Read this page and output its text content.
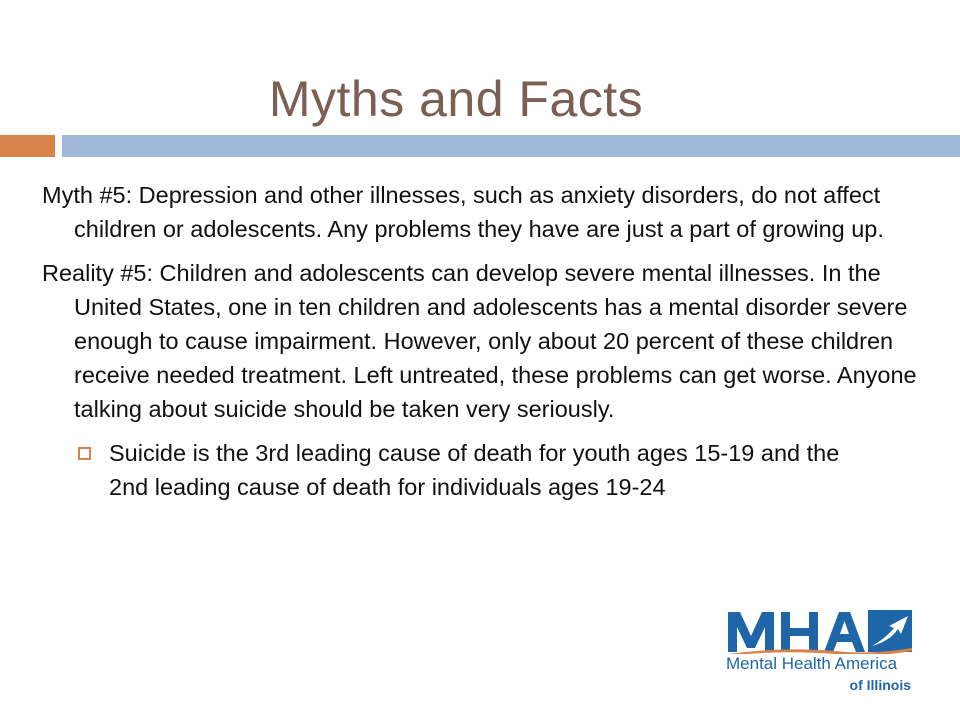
Myths and Facts

Myth #5: Depression and other illnesses, such as anxiety disorders, do not affect children or adolescents. Any problems they have are just a part of growing up.

Reality #5: Children and adolescents can develop severe mental illnesses. In the United States, one in ten children and adolescents has a mental disorder severe enough to cause impairment. However, only about 20 percent of these children receive needed treatment. Left untreated, these problems can get worse. Anyone talking about suicide should be taken very seriously.

Suicide is the 3rd leading cause of death for youth ages 15-19 and the 2nd leading cause of death for individuals ages 19-24
Mental Health America
of Illinois
